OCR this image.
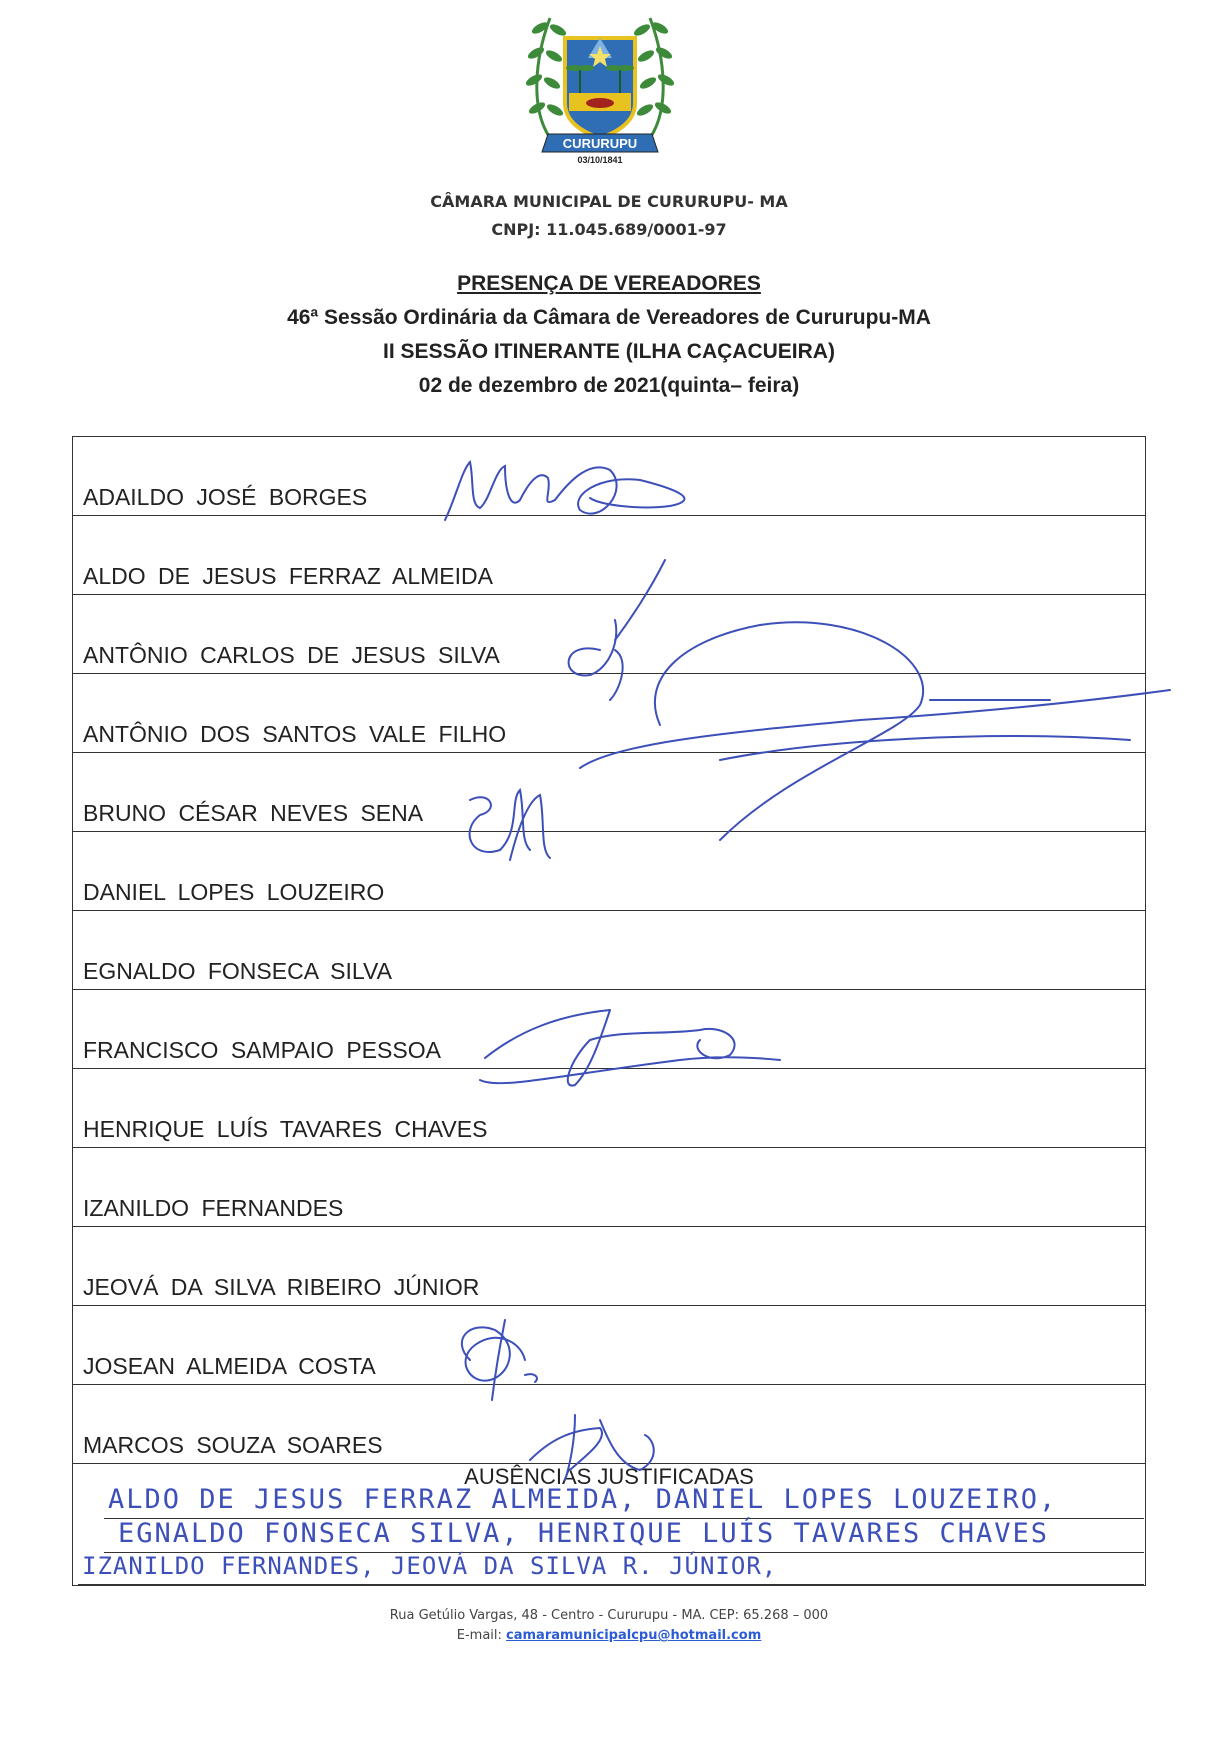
CURURUPU
03/10/1841
CÂMARA MUNICIPAL DE CURURUPU- MA
CNPJ: 11.045.689/0001-97
PRESENÇA DE VEREADORES
46ª Sessão Ordinária da Câmara de Vereadores de Cururupu-MA
II SESSÃO ITINERANTE (ILHA CAÇACUEIRA)
02 de dezembro de 2021(quinta– feira)
ADAILDO JOSÉ BORGES
ALDO DE JESUS FERRAZ ALMEIDA
ANTÔNIO CARLOS DE JESUS SILVA
ANTÔNIO DOS SANTOS VALE FILHO
BRUNO CÉSAR NEVES SENA
DANIEL LOPES LOUZEIRO
EGNALDO FONSECA SILVA
FRANCISCO SAMPAIO PESSOA
HENRIQUE LUÍS TAVARES CHAVES
IZANILDO FERNANDES
JEOVÁ DA SILVA RIBEIRO JÚNIOR
JOSEAN ALMEIDA COSTA
MARCOS SOUZA SOARES
AUSÊNCIAS JUSTIFICADAS
ALDO DE JESUS FERRAZ ALMEIDA, DANIEL LOPES LOUZEIRO,
EGNALDO FONSECA SILVA, HENRIQUE LUÍS TAVARES CHAVES
IZANILDO FERNANDES, JEOVÁ DA SILVA R. JÚNIOR,
Rua Getúlio Vargas, 48 - Centro - Cururupu - MA. CEP: 65.268 – 000
E-mail: camaramunicipalcpu@hotmail.com
